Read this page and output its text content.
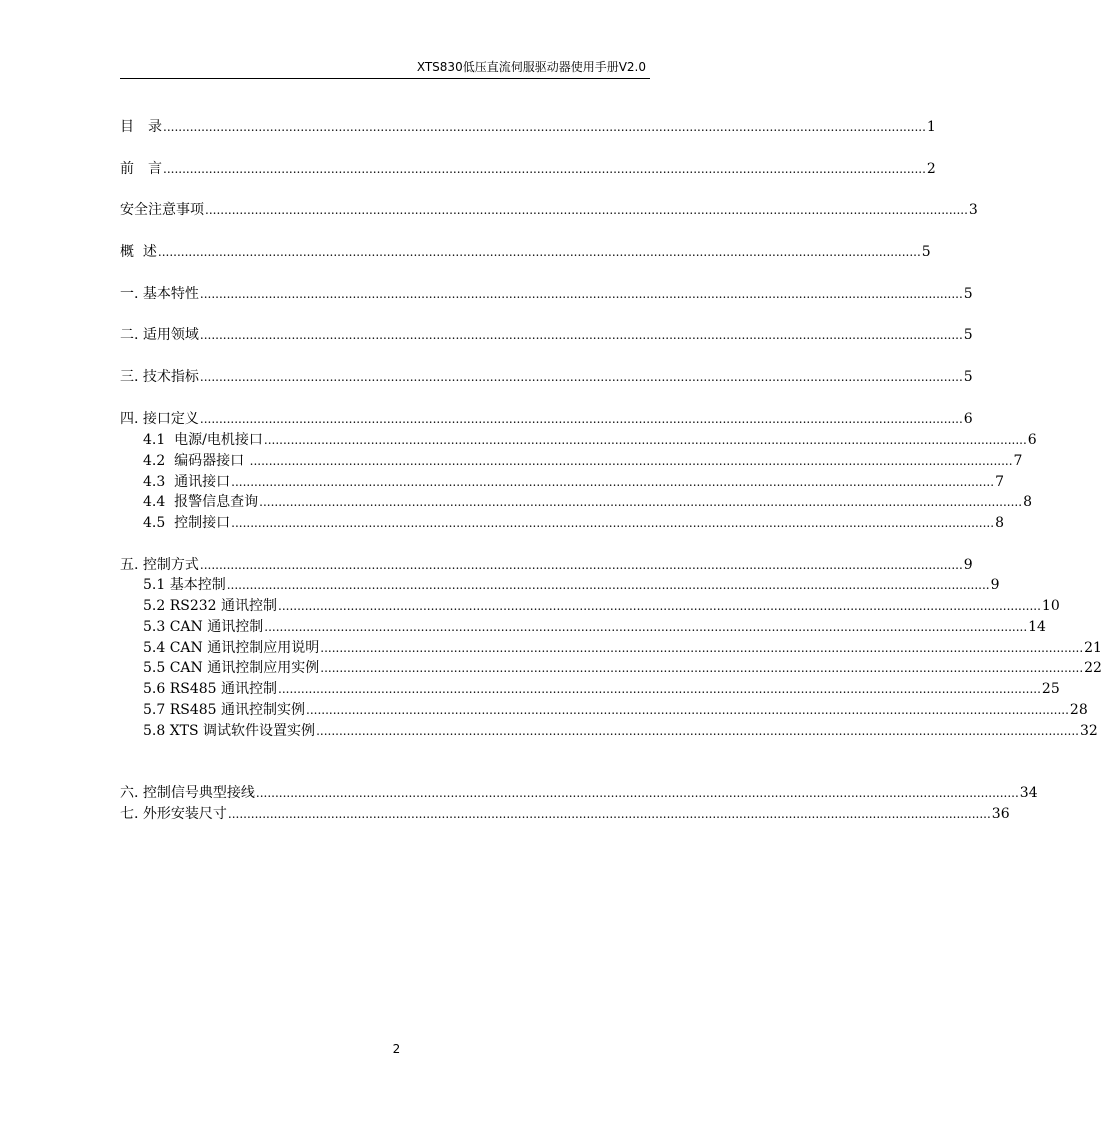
XTS830低压直流伺服驱动器使用手册V2.0
目　录 ........................................................................................................................................................................................................ 1
前　言 ........................................................................................................................................................................................................ 2
安全注意事项 ........................................................................................................................................................................................................ 3
概  述 ........................................................................................................................................................................................................ 5
一. 基本特性 ........................................................................................................................................................................................................ 5
二. 适用领域 ........................................................................................................................................................................................................ 5
三. 技术指标 ........................................................................................................................................................................................................ 5
四. 接口定义 ........................................................................................................................................................................................................ 6
4.1  电源/电机接口 ........................................................................................................................................................................................................ 6
4.2  编码器接口 ........................................................................................................................................................................................................ 7
4.3  通讯接口 ........................................................................................................................................................................................................ 7
4.4  报警信息查询 ........................................................................................................................................................................................................ 8
4.5  控制接口 ........................................................................................................................................................................................................ 8
五. 控制方式 ........................................................................................................................................................................................................ 9
5.1 基本控制 ........................................................................................................................................................................................................ 9
5.2 RS232 通讯控制 ........................................................................................................................................................................................................ 10
5.3 CAN 通讯控制 ........................................................................................................................................................................................................ 14
5.4 CAN 通讯控制应用说明 ........................................................................................................................................................................................................ 21
5.5 CAN 通讯控制应用实例 ........................................................................................................................................................................................................ 22
5.6 RS485 通讯控制 ........................................................................................................................................................................................................ 25
5.7 RS485 通讯控制实例 ........................................................................................................................................................................................................ 28
5.8 XTS 调试软件设置实例 ........................................................................................................................................................................................................ 32
六. 控制信号典型接线 ........................................................................................................................................................................................................ 34
七. 外形安装尺寸 ........................................................................................................................................................................................................ 36
2
